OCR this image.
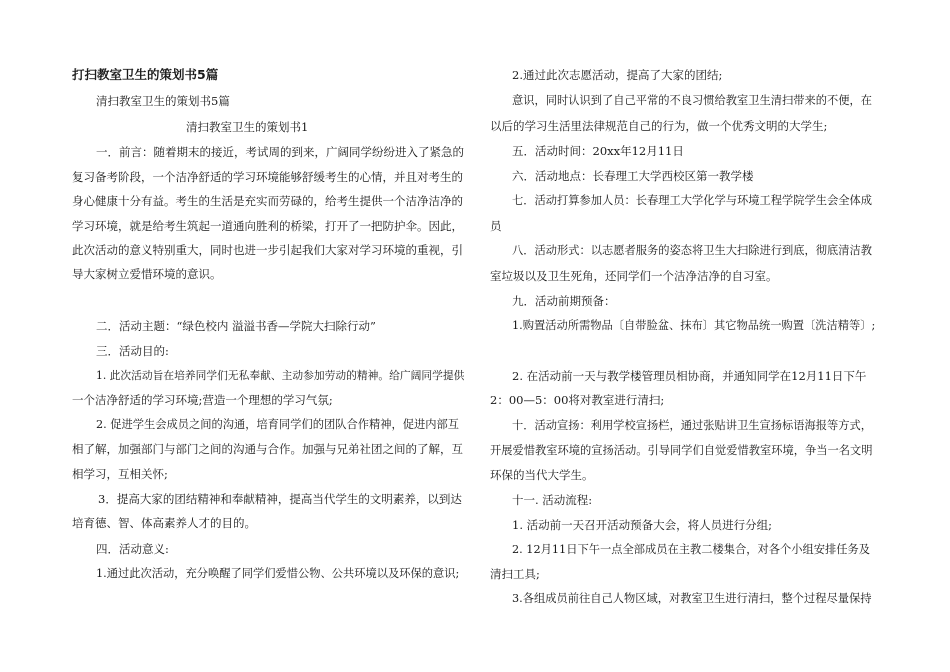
打扫教室卫生的策划书5篇
清扫教室卫生的策划书5篇
清扫教室卫生的策划书1
一．前言：随着期末的接近，考试周的到来，广阔同学纷纷进入了紧急的
复习备考阶段，一个洁净舒适的学习环境能够舒缓考生的心情，并且对考生的
身心健康十分有益。考生的生活是充实而劳碌的，给考生提供一个洁净洁净的
学习环境，就是给考生筑起一道通向胜利的桥梁，打开了一把防护伞。因此，
此次活动的意义特别重大，同时也进一步引起我们大家对学习环境的重视，引
导大家树立爱惜环境的意识。
二．活动主题：“绿色校内 溢溢书香—学院大扫除行动”
三．活动目的:
1. 此次活动旨在培养同学们无私奉献、主动参加劳动的精神。给广阔同学提供
一个洁净舒适的学习环境;营造一个理想的学习气氛;
2. 促进学生会成员之间的沟通，培育同学们的团队合作精神，促进内部互
相了解，加强部门与部门之间的沟通与合作。加强与兄弟社团之间的了解，互
相学习，互相关怀;
3．提高大家的团结精神和奉献精神，提高当代学生的文明素养，以到达
培育德、智、体高素养人才的目的。
四．活动意义:
1.通过此次活动，充分唤醒了同学们爱惜公物、公共环境以及环保的意识;
2.通过此次志愿活动，提高了大家的团结;
意识，同时认识到了自己平常的不良习惯给教室卫生清扫带来的不便，在
以后的学习生活里法律规范自己的行为，做一个优秀文明的大学生;
五．活动时间：20xx年12月11日
六．活动地点：长春理工大学西校区第一教学楼
七．活动打算参加人员：长春理工大学化学与环境工程学院学生会全体成
员
八．活动形式：以志愿者服务的姿态将卫生大扫除进行到底，彻底清洁教
室垃圾以及卫生死角，还同学们一个洁净洁净的自习室。
九．活动前期预备：
1.购置活动所需物品〔自带脸盆、抹布〕其它物品统一购置〔洗洁精等〕;
2. 在活动前一天与教学楼管理员相协商，并通知同学在12月11日下午
2：00—5：00将对教室进行清扫;
十．活动宣扬：利用学校宣扬栏，通过张贴讲卫生宣扬标语海报等方式，
开展爱惜教室环境的宣扬活动。引导同学们自觉爱惜教室环境，争当一名文明
环保的当代大学生。
十一. 活动流程:
1. 活动前一天召开活动预备大会，将人员进行分组;
2. 12月11日下午一点全部成员在主教二楼集合，对各个小组安排任务及
清扫工具;
3.各组成员前往自己人物区域，对教室卫生进行清扫，整个过程尽量保持
